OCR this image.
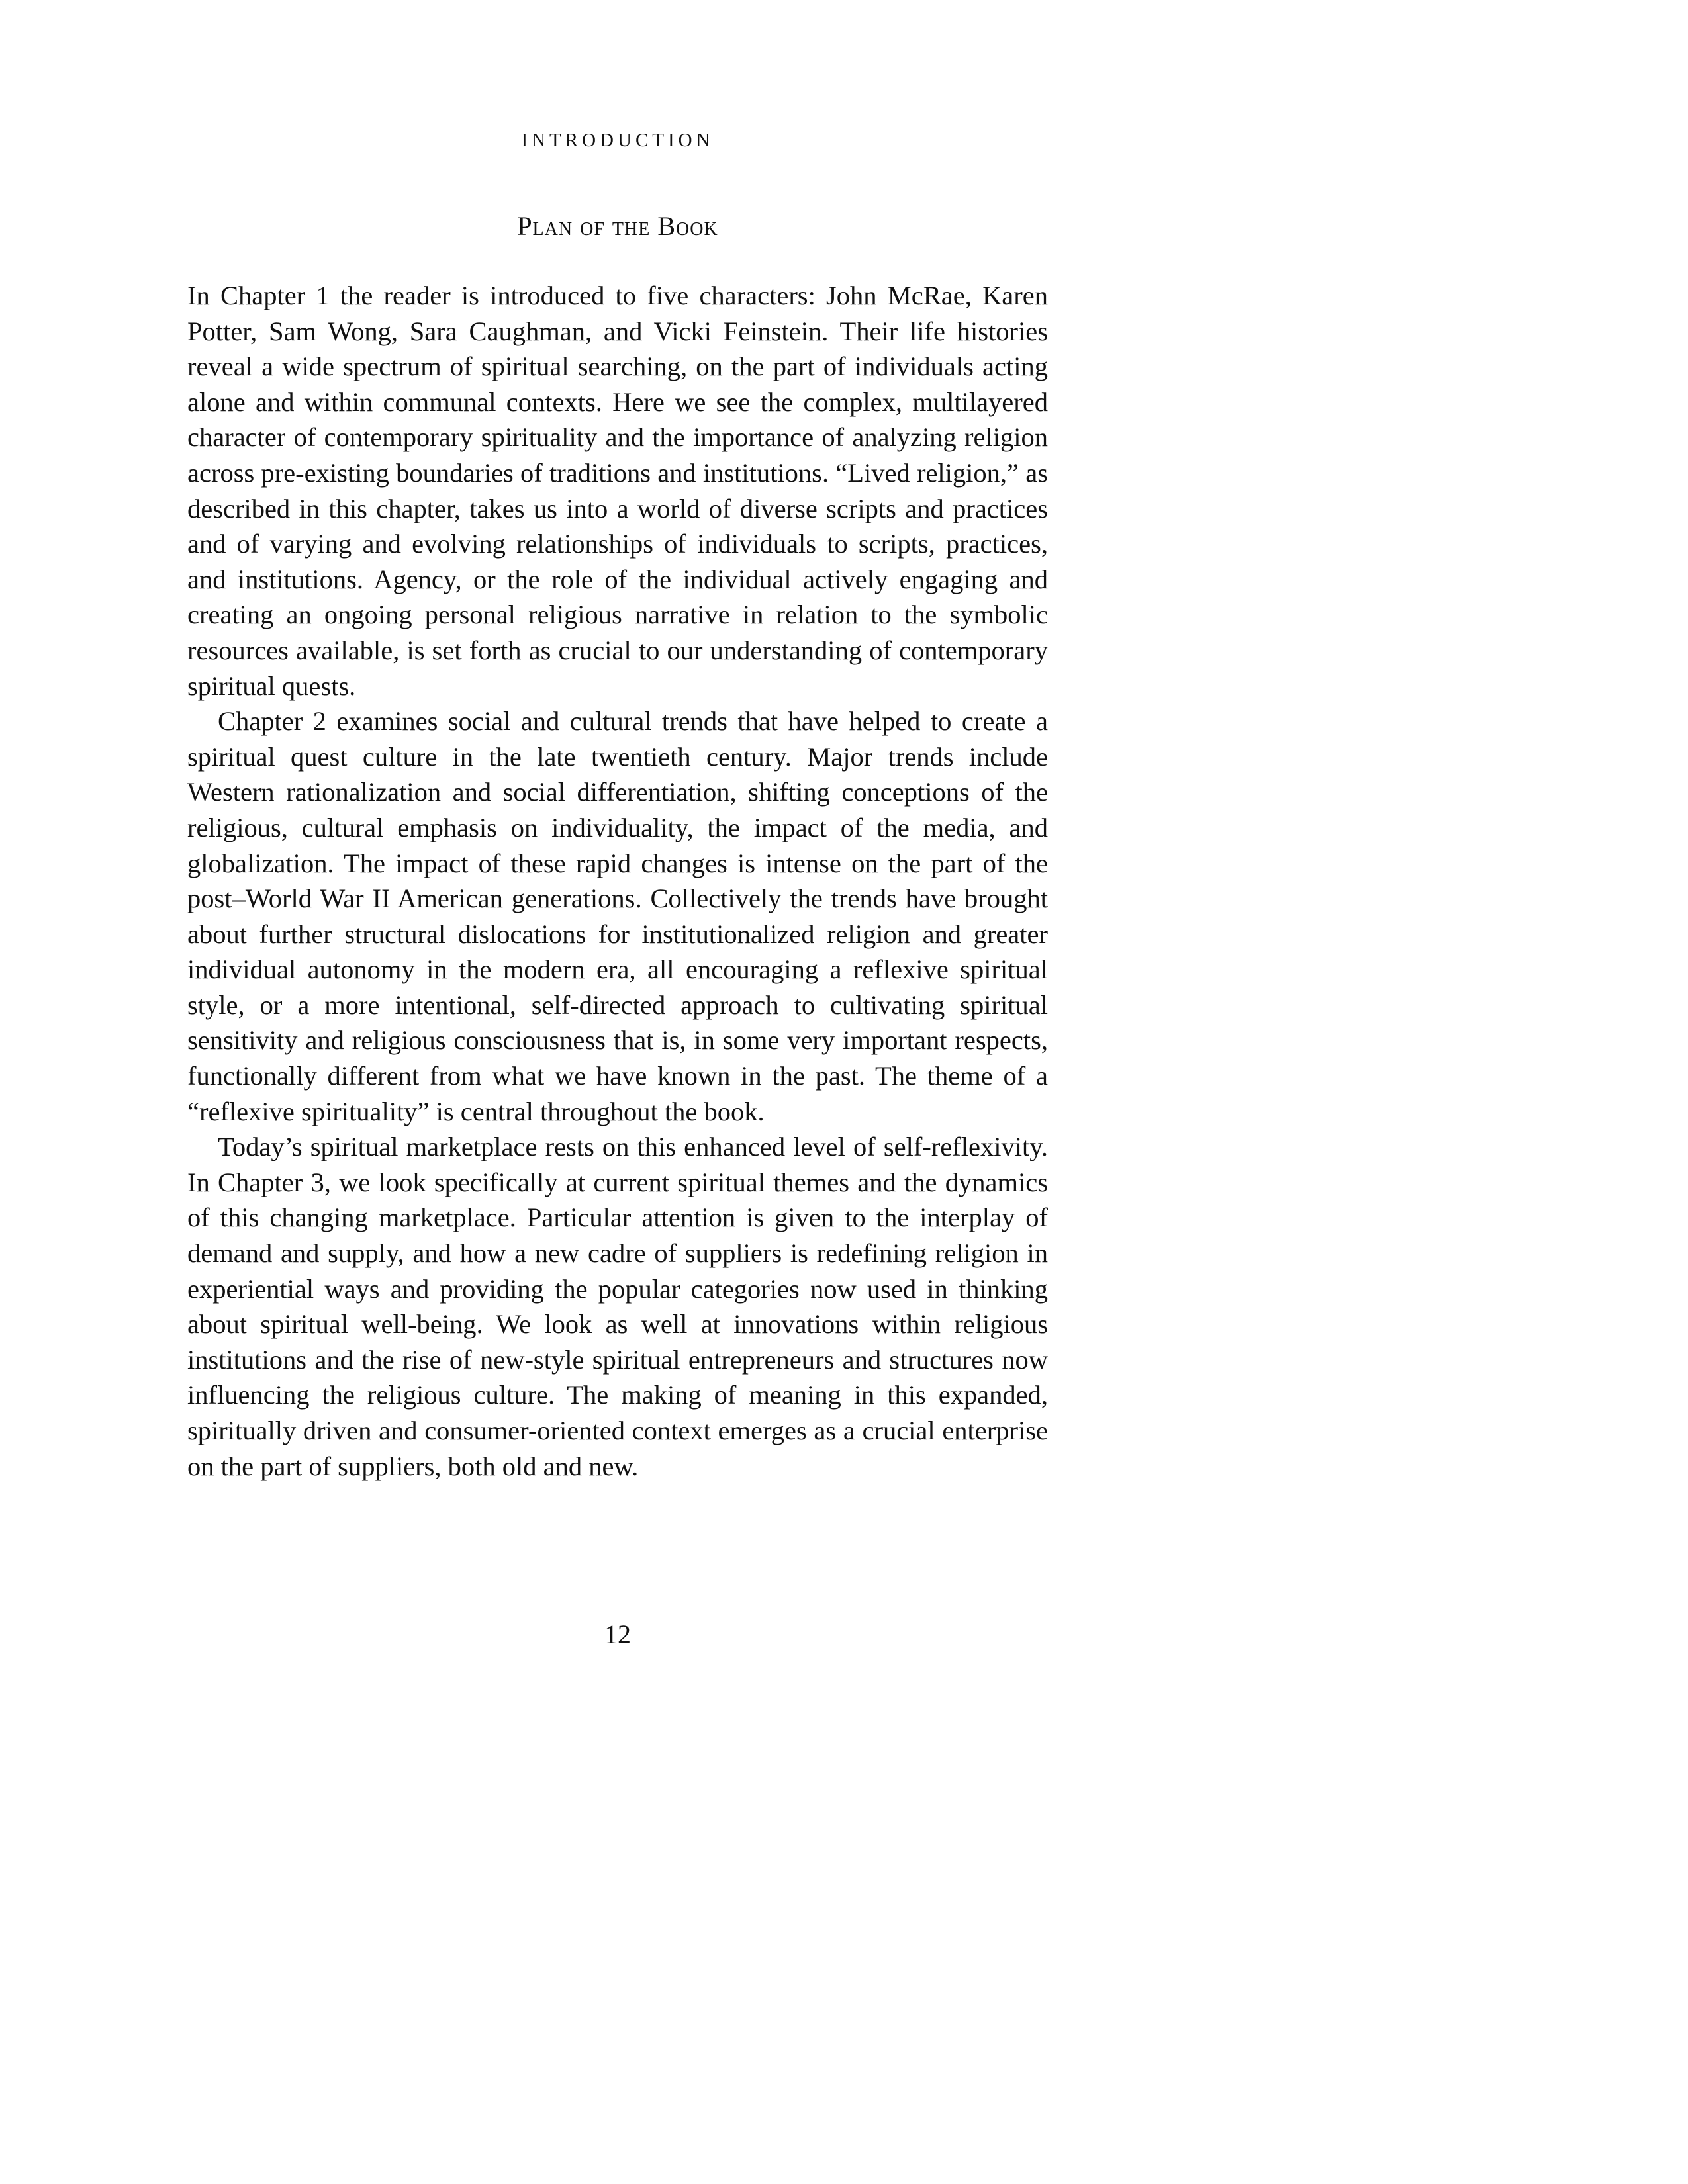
INTRODUCTION
Plan of the Book

In Chapter 1 the reader is introduced to five characters: John McRae, Karen Potter, Sam Wong, Sara Caughman, and Vicki Feinstein. Their life histories reveal a wide spectrum of spiritual searching, on the part of individuals acting alone and within communal contexts. Here we see the complex, multilayered character of contemporary spirituality and the importance of analyzing religion across pre-existing boundaries of traditions and institutions. “Lived religion,” as described in this chapter, takes us into a world of diverse scripts and practices and of varying and evolving relationships of individuals to scripts, practices, and institutions. Agency, or the role of the individual actively engaging and creating an ongoing personal religious narrative in relation to the symbolic resources available, is set forth as crucial to our understanding of contemporary spiritual quests.

Chapter 2 examines social and cultural trends that have helped to create a spiritual quest culture in the late twentieth century. Major trends include Western rationalization and social differentiation, shifting conceptions of the religious, cultural emphasis on individuality, the impact of the media, and globalization. The impact of these rapid changes is intense on the part of the post–World War II American generations. Collectively the trends have brought about further structural dislocations for institutionalized religion and greater individual autonomy in the modern era, all encouraging a reflexive spiritual style, or a more intentional, self-directed approach to cultivating spiritual sensitivity and religious consciousness that is, in some very important respects, functionally different from what we have known in the past. The theme of a “reflexive spirituality” is central throughout the book.

Today’s spiritual marketplace rests on this enhanced level of self-reflexivity. In Chapter 3, we look specifically at current spiritual themes and the dynamics of this changing marketplace. Particular attention is given to the interplay of demand and supply, and how a new cadre of suppliers is redefining religion in experiential ways and providing the popular categories now used in thinking about spiritual well-being. We look as well at innovations within religious institutions and the rise of new-style spiritual entrepreneurs and structures now influencing the religious culture. The making of meaning in this expanded, spiritually driven and consumer-oriented context emerges as a crucial enterprise on the part of suppliers, both old and new.

12
